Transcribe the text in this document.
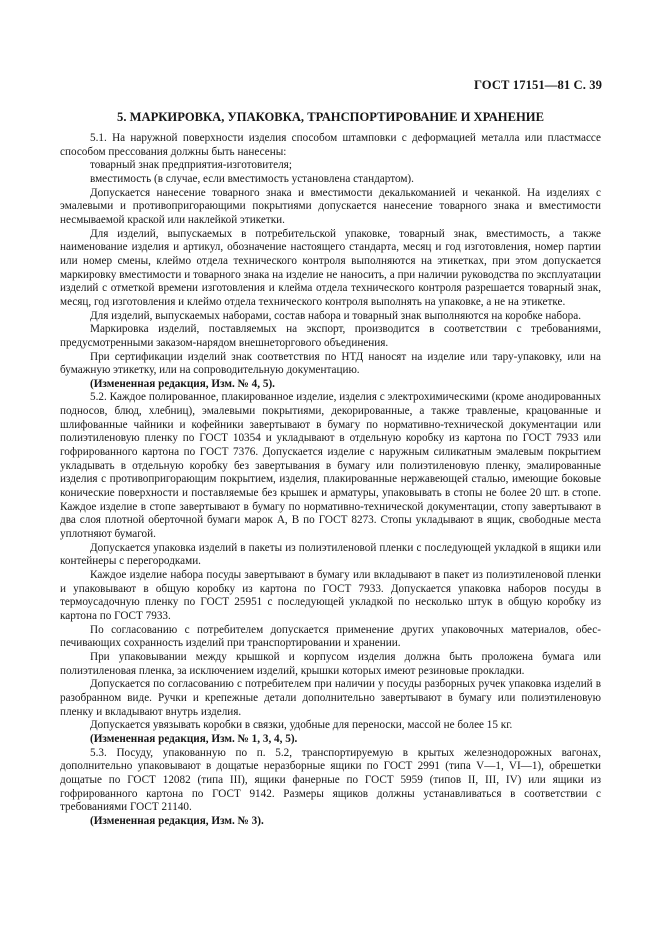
ГОСТ 17151—81 С. 39
5. МАРКИРОВКА, УПАКОВКА, ТРАНСПОРТИРОВАНИЕ И ХРАНЕНИЕ

5.1. На наружной поверхности изделия способом штамповки с деформацией металла или пластмассе способом прессования должны быть нанесены:

товарный знак предприятия-изготовителя;

вместимость (в случае, если вместимость установлена стандартом).

Допускается нанесение товарного знака и вместимости декалькоманией и чеканкой. На изделиях с эмалевыми и противопригорающими покрытиями допускается нанесение товарного знака и вместимости несмываемой краской или наклейкой этикетки.

Для изделий, выпускаемых в потребительской упаковке, товарный знак, вместимость, а также наименование изделия и артикул, обозначение настоящего стандарта, месяц и год изготовления, номер партии или номер смены, клеймо отдела технического контроля выполняются на этикетках, при этом допускается маркировку вместимости и товарного знака на изделие не наносить, а при наличии руководства по эксплуатации изделий с отметкой времени изготовления и клейма отдела технического контроля разрешается товарный знак, месяц, год изготовления и клеймо отдела технического контроля выполнять на упаковке, а не на этикетке.

Для изделий, выпускаемых наборами, состав набора и товарный знак выполняются на коробке набора.

Маркировка изделий, поставляемых на экспорт, производится в соответствии с требованиями, предусмотренными заказом-нарядом внешнеторгового объединения.

При сертификации изделий знак соответствия по НТД наносят на изделие или тару-упаковку, или на бумажную этикетку, или на сопроводительную документацию.

(Измененная редакция, Изм. № 4, 5).

5.2. Каждое полированное, плакированное изделие, изделия с электрохимическими (кроме анодированных подносов, блюд, хлебниц), эмалевыми покрытиями, декорированные, а также травленые, крацованные и шлифованные чайники и кофейники завертывают в бумагу по нормативно-технической документации или полиэтиленовую пленку по ГОСТ 10354 и укладывают в отдельную коробку из картона по ГОСТ 7933 или гофрированного картона по ГОСТ 7376. Допускается изделие с наружным силикатным эмалевым покрытием укладывать в отдельную коробку без завертывания в бумагу или полиэтиленовую пленку, эмалированные изделия с противопригорающим покрытием, изделия, плакированные нержавеющей сталью, имеющие боковые конические поверхности и поставляемые без крышек и арматуры, упаковывать в стопы не более 20 шт. в стопе. Каждое изделие в стопе завертывают в бумагу по нормативно-технической документации, стопу завертывают в два слоя плотной оберточной бумаги марок А, В по ГОСТ 8273. Стопы укладывают в ящик, свободные места уплотняют бумагой.

Допускается упаковка изделий в пакеты из полиэтиленовой пленки с последующей укладкой в ящики или контейнеры с перегородками.

Каждое изделие набора посуды завертывают в бумагу или вкладывают в пакет из полиэтиленовой пленки и упаковывают в общую коробку из картона по ГОСТ 7933. Допускается упаковка наборов посуды в термоусадочную пленку по ГОСТ 25951 с последующей укладкой по несколько штук в общую коробку из картона по ГОСТ 7933.

По согласованию с потребителем допускается применение других упаковочных материалов, обеспечивающих сохранность изделий при транспортировании и хранении.

При упаковывании между крышкой и корпусом изделия должна быть проложена бумага или полиэтиленовая пленка, за исключением изделий, крышки которых имеют резиновые прокладки.

Допускается по согласованию с потребителем при наличии у посуды разборных ручек упаковка изделий в разобранном виде. Ручки и крепежные детали дополнительно завертывают в бумагу или полиэтиленовую пленку и вкладывают внутрь изделия.

Допускается увязывать коробки в связки, удобные для переноски, массой не более 15 кг.

(Измененная редакция, Изм. № 1, 3, 4, 5).

5.3. Посуду, упакованную по п. 5.2, транспортируемую в крытых железнодорожных вагонах, дополнительно упаковывают в дощатые неразборные ящики по ГОСТ 2991 (типа V—1, VI—1), обрешетки дощатые по ГОСТ 12082 (типа III), ящики фанерные по ГОСТ 5959 (типов II, III, IV) или ящики из гофрированного картона по ГОСТ 9142. Размеры ящиков должны устанавливаться в соответствии с требованиями ГОСТ 21140.

(Измененная редакция, Изм. № 3).
